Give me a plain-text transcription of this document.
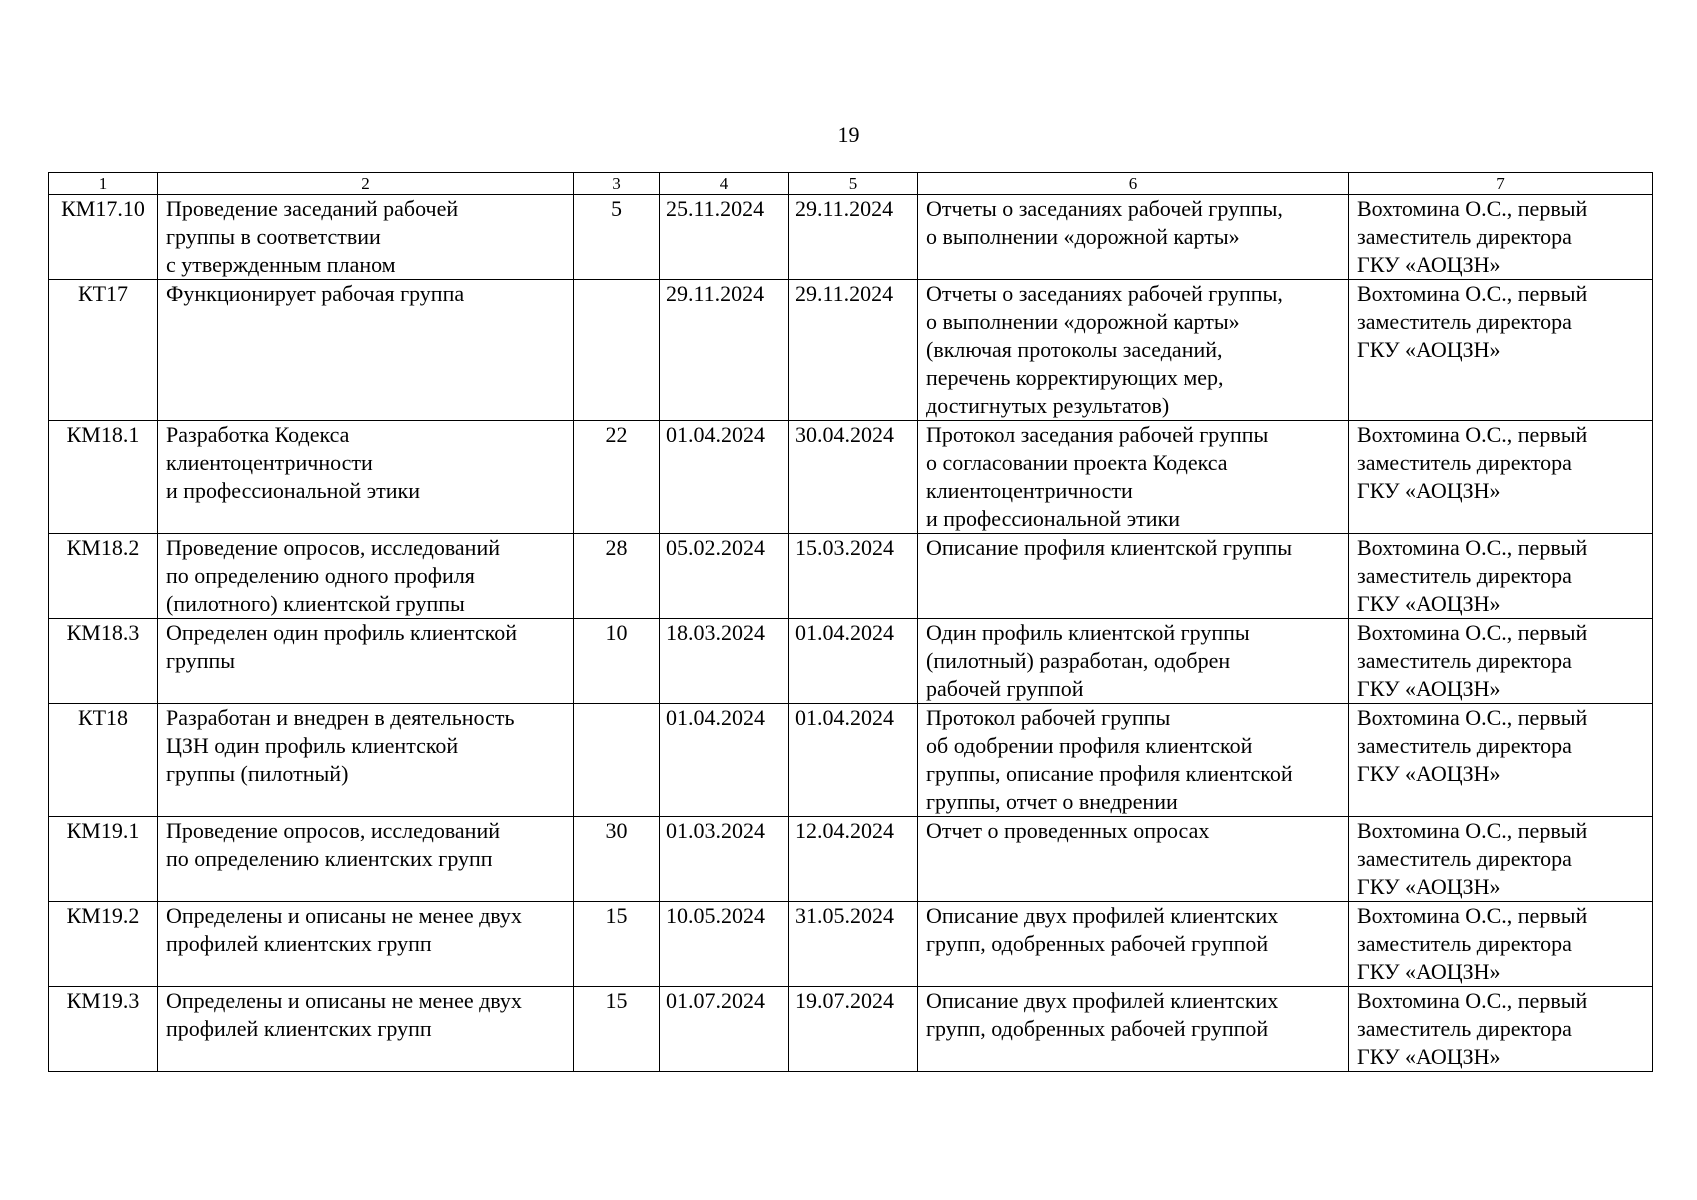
19
1	2	3	4	5	6	7
КМ17.10	Проведение заседаний рабочей
группы в соответствии
с утвержденным планом	5	25.11.2024	29.11.2024	Отчеты о заседаниях рабочей группы,
о выполнении «дорожной карты»	Вохтомина О.С., первый
заместитель директора
ГКУ «АОЦЗН»

КТ17	Функционирует рабочая группа		29.11.2024	29.11.2024	Отчеты о заседаниях рабочей группы,
о выполнении «дорожной карты»
(включая протоколы заседаний,
перечень корректирующих мер,
достигнутых результатов)	Вохтомина О.С., первый
заместитель директора
ГКУ «АОЦЗН»

КМ18.1	Разработка Кодекса
клиентоцентричности
и профессиональной этики	22	01.04.2024	30.04.2024	Протокол заседания рабочей группы
о согласовании проекта Кодекса
клиентоцентричности
и профессиональной этики	Вохтомина О.С., первый
заместитель директора
ГКУ «АОЦЗН»

КМ18.2	Проведение опросов, исследований
по определению одного профиля
(пилотного) клиентской группы	28	05.02.2024	15.03.2024	Описание профиля клиентской группы	Вохтомина О.С., первый
заместитель директора
ГКУ «АОЦЗН»

КМ18.3	Определен один профиль клиентской
группы	10	18.03.2024	01.04.2024	Один профиль клиентской группы
(пилотный) разработан, одобрен
рабочей группой	Вохтомина О.С., первый
заместитель директора
ГКУ «АОЦЗН»

КТ18	Разработан и внедрен в деятельность
ЦЗН один профиль клиентской
группы (пилотный)		01.04.2024	01.04.2024	Протокол рабочей группы
об одобрении профиля клиентской
группы, описание профиля клиентской
группы, отчет о внедрении	Вохтомина О.С., первый
заместитель директора
ГКУ «АОЦЗН»

КМ19.1	Проведение опросов, исследований
по определению клиентских групп	30	01.03.2024	12.04.2024	Отчет о проведенных опросах	Вохтомина О.С., первый
заместитель директора
ГКУ «АОЦЗН»

КМ19.2	Определены и описаны не менее двух
профилей клиентских групп	15	10.05.2024	31.05.2024	Описание двух профилей клиентских
групп, одобренных рабочей группой	Вохтомина О.С., первый
заместитель директора
ГКУ «АОЦЗН»

КМ19.3	Определены и описаны не менее двух
профилей клиентских групп	15	01.07.2024	19.07.2024	Описание двух профилей клиентских
групп, одобренных рабочей группой	Вохтомина О.С., первый
заместитель директора
ГКУ «АОЦЗН»
